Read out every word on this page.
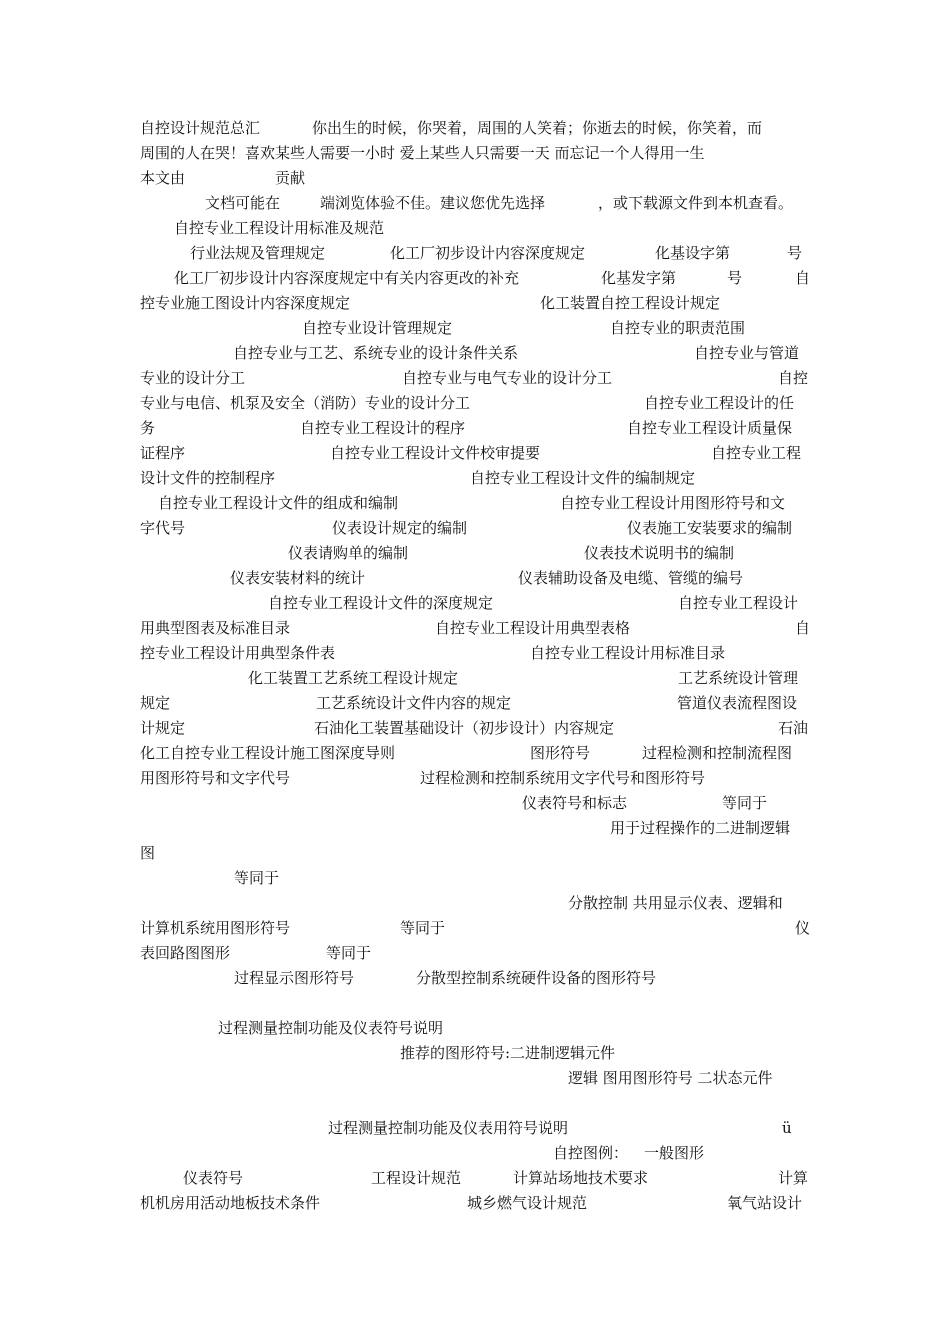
自控设计规范总汇	你出生的时候，你哭着，周围的人笑着；你逝去的时候，你笑着，而
周围的人在哭！喜欢某些人需要一小时 爱上某些人只需要一天 而忘记一个人得用一生
本文由	贡献
文档可能在	端浏览体验不佳。建议您优先选择	，或下载源文件到本机查看。
自控专业工程设计用标准及规范
行业法规及管理规定	化工厂初步设计内容深度规定	化基设字第	号
化工厂初步设计内容深度规定中有关内容更改的补充	化基发字第	号	自
控专业施工图设计内容深度规定	化工装置自控工程设计规定
自控专业设计管理规定	自控专业的职责范围
自控专业与工艺、系统专业的设计条件关系	自控专业与管道
专业的设计分工	自控专业与电气专业的设计分工	自控
专业与电信、机泵及安全（消防）专业的设计分工	自控专业工程设计的任
务	自控专业工程设计的程序	自控专业工程设计质量保
证程序	自控专业工程设计文件校审提要	自控专业工程
设计文件的控制程序	自控专业工程设计文件的编制规定
自控专业工程设计文件的组成和编制	自控专业工程设计用图形符号和文
字代号	仪表设计规定的编制	仪表施工安装要求的编制
仪表请购单的编制	仪表技术说明书的编制
仪表安装材料的统计	仪表辅助设备及电缆、管缆的编号
自控专业工程设计文件的深度规定	自控专业工程设计
用典型图表及标准目录	自控专业工程设计用典型表格	自
控专业工程设计用典型条件表	自控专业工程设计用标准目录
化工装置工艺系统工程设计规定	工艺系统设计管理
规定	工艺系统设计文件内容的规定	管道仪表流程图设
计规定	石油化工装置基础设计（初步设计）内容规定	石油
化工自控专业工程设计施工图深度导则	图形符号	过程检测和控制流程图
用图形符号和文字代号	过程检测和控制系统用文字代号和图形符号
仪表符号和标志	等同于
用于过程操作的二进制逻辑
图
等同于
分散控制 共用显示仪表、逻辑和
计算机系统用图形符号	等同于	仪
表回路图图形	等同于
过程显示图形符号	分散型控制系统硬件设备的图形符号
过程测量控制功能及仪表符号说明
推荐的图形符号:二进制逻辑元件
逻辑 图用图形符号 二状态元件
过程测量控制功能及仪表用符号说明	ü
自控图例： 一般图形
仪表符号	工程设计规范	计算站场地技术要求	计算
机机房用活动地板技术条件	城乡燃气设计规范	氧气站设计
